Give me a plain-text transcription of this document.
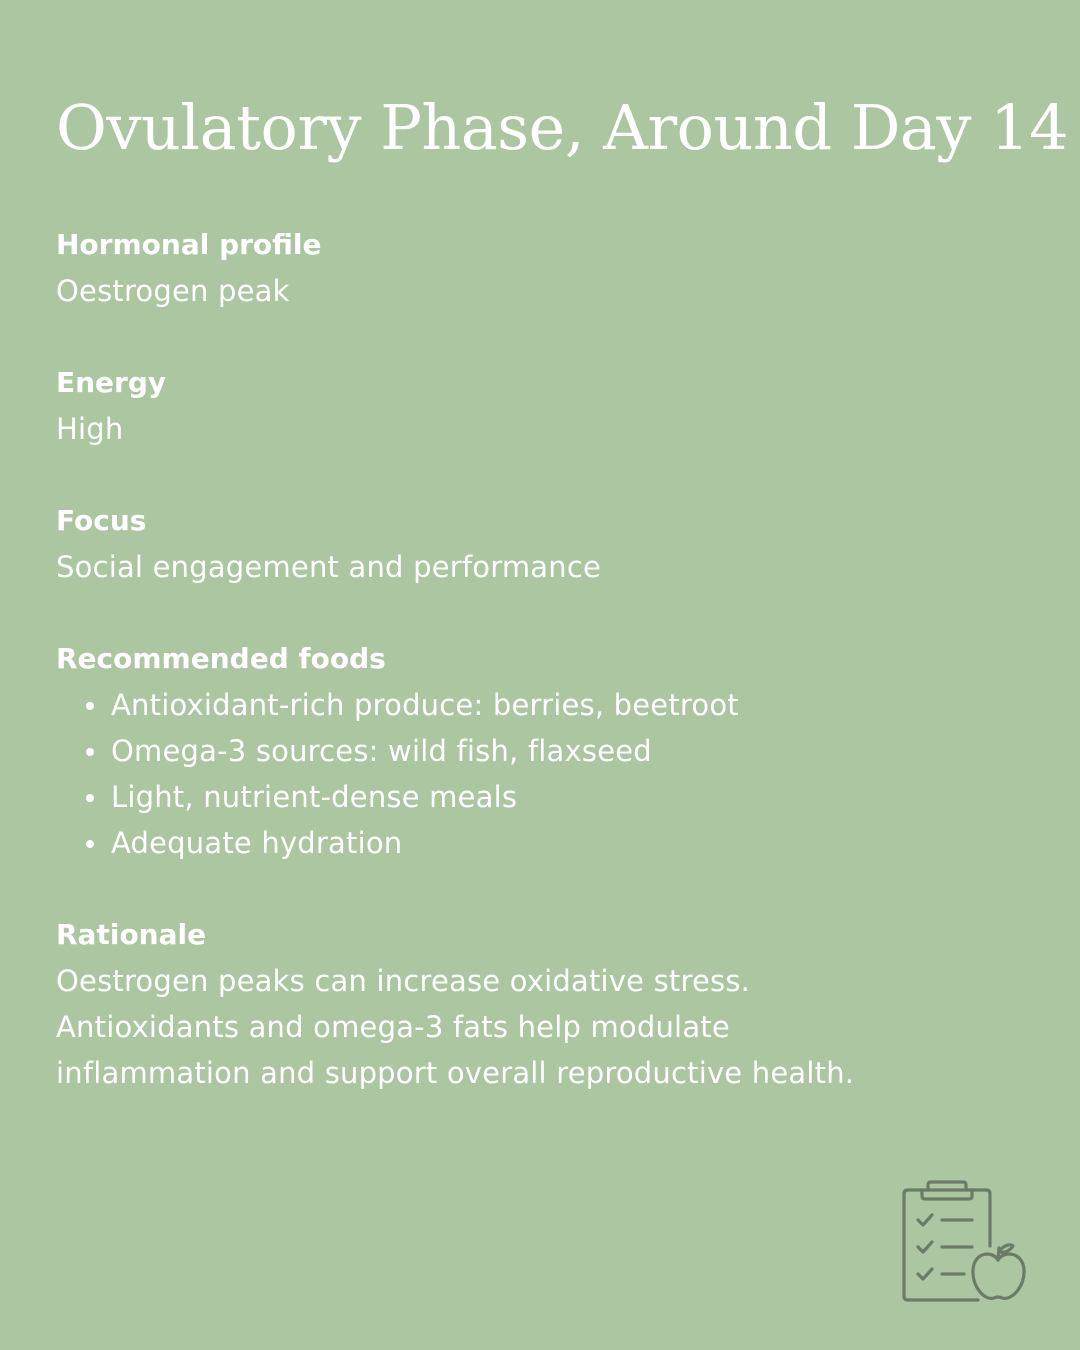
Ovulatory Phase, Around Day 14

Hormonal profile

Oestrogen peak

Energy

High

Focus

Social engagement and performance

Recommended foods

Antioxidant-rich produce: berries, beetroot
Omega-3 sources: wild fish, flaxseed
Light, nutrient-dense meals
Adequate hydration

Rationale

Oestrogen peaks can increase oxidative stress.

Antioxidants and omega-3 fats help modulate

inflammation and support overall reproductive health.
